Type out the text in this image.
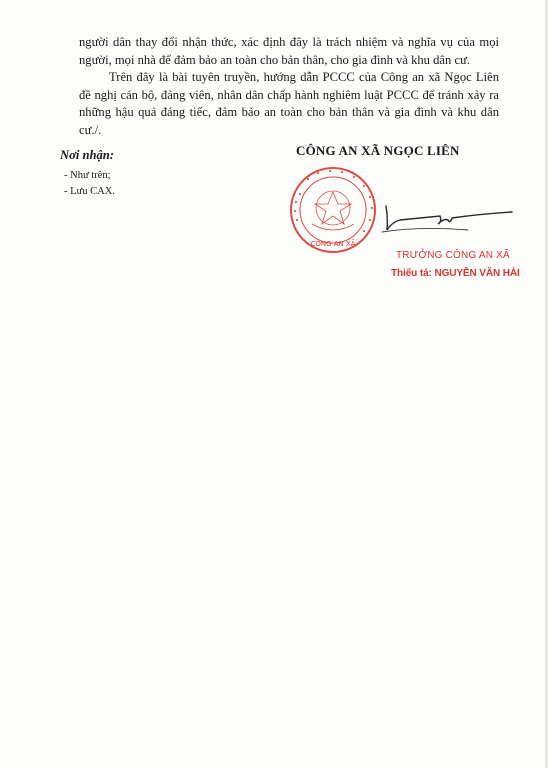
người dân thay đổi nhận thức, xác định đây là trách nhiệm và nghĩa vụ của mọi người, mọi nhà để đảm bảo an toàn cho bản thân, cho gia đình và khu dân cư.

Trên đây là bài tuyên truyền, hướng dẫn PCCC của Công an xã Ngọc Liên đề nghị cán bộ, đảng viên, nhân dân chấp hành nghiêm luật PCCC để tránh xảy ra những hậu quả đáng tiếc, đảm bảo an toàn cho bản thân và gia đình và khu dân cư./.

Nơi nhận:
- Như trên;
- Lưu CAX.
CÔNG AN XÃ NGỌC LIÊN
CÔNG AN XÃ
TRƯỞNG CÔNG AN XÃ
Thiếu tá: NGUYỄN VĂN HẢI
